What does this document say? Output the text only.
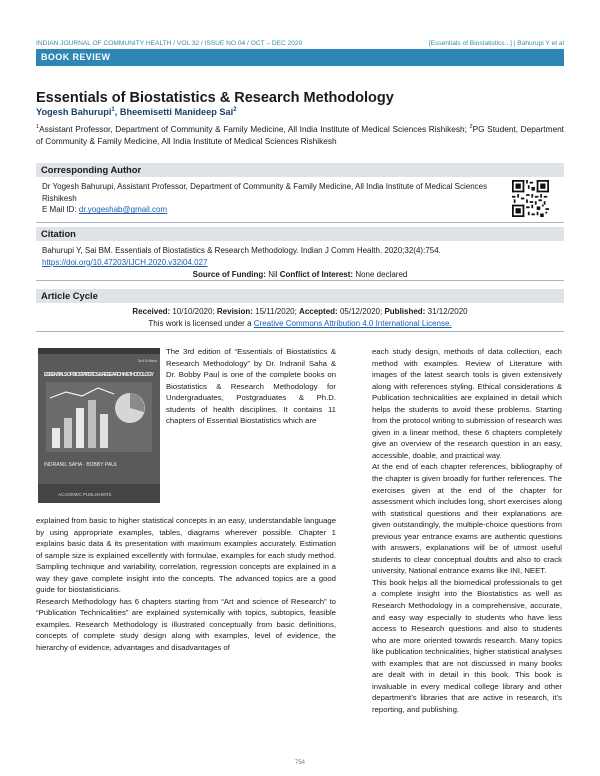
INDIAN JOURNAL OF COMMUNITY HEALTH / VOL 32 / ISSUE NO 04 / OCT – DEC 2020	[Essentials of Biostatistics...] | Bahurupi Y et al
BOOK REVIEW
Essentials of Biostatistics & Research Methodology
Yogesh Bahurupi$^1$, Bheemisetti Manideep Sai$^2$
$^1$Assistant Professor, Department of Community & Family Medicine, All India Institute of Medical Sciences Rishikesh; $^2$PG Student, Department of Community & Family Medicine, All India Institute of Medical Sciences Rishikesh
Corresponding Author
Dr Yogesh Bahurupi, Assistant Professor, Department of Community & Family Medicine, All India Institute of Medical Sciences Rishikesh
E Mail ID: dr.yogeshab@gmail.com
Citation
Bahurupi Y, Sai BM. Essentials of Biostatistics & Research Methodology. Indian J Comm Health. 2020;32(4):754. https://doi.org/10.47203/IJCH.2020.v32i04.027
Source of Funding: Nil Conflict of Interest: None declared
Article Cycle
Received: 10/10/2020; Revision: 15/11/2020; Accepted: 05/12/2020; Published: 31/12/2020
This work is licensed under a Creative Commons Attribution 4.0 International License.
3rd Edition
ESSENTIALS OF BIOSTATISTICS & RESEARCH METHODOLOGY
INDRANIL SAHA · BOBBY PAUL
ACADEMIC PUBLISHERS

The 3rd edition of “Essentials of Biostatistics & Research Methodology” by Dr. Indranil Saha & Dr. Bobby Paul is one of the complete books on Biostatistics & Research Methodology for Undergraduates, Postgraduates & Ph.D. students of health disciplines. It contains 11 chapters of Essential Biostatistics which are

explained from basic to higher statistical concepts in an easy, understandable language by using appropriate examples, tables, diagrams wherever possible. Chapter 1 explains basic data & its presentation with maximum examples accurately. Estimation of sample size is explained excellently with formulae, examples for each study method. Sampling technique and variability, correlation, regression concepts are explained in a way they gave complete insight into the concepts. The advanced topics are a good guide for biostatisticians.

Research Methodology has 6 chapters starting from “Art and science of Research” to “Publication Technicalities” are explained systemically with topics, subtopics, feasible examples. Research Methodology is illustrated conceptually from basic definitions, concepts of complete study design along with examples, level of evidence, the hierarchy of evidence, advantages and disadvantages of

each study design, methods of data collection, each method with examples. Review of Literature with images of the latest search tools is given extensively along with references styling. Ethical considerations & Publication technicalities are explained in detail which helps the students to avoid these problems. Starting from the protocol writing to submission of research was given in a linear method, these 6 chapters completely give an overview of the research question in an easy, accessible, doable, and practical way.

At the end of each chapter references, bibliography of the chapter is given broadly for further references. The exercises given at the end of the chapter for assessment which includes long, short exercises along with statistical questions and their explanations are given outstandingly, the multiple-choice questions from previous year entrance exams are authentic questions with answers, explanations will be of utmost useful students to clear conceptual doubts and also to crack university, National entrance exams like INI, NEET.

This book helps all the biomedical professionals to get a complete insight into the Biostatistics as well as Research Methodology in a comprehensive, accurate, and easy way especially to students who have less access to Research questions and also to students who are more oriented towards research. Many topics like publication technicalities, higher statistical analyses with examples that are not discussed in many books are dealt with in detail in this book. This book is invaluable in every medical college library and other department’s libraries that are active in research, it’s reporting, and publishing.

754
